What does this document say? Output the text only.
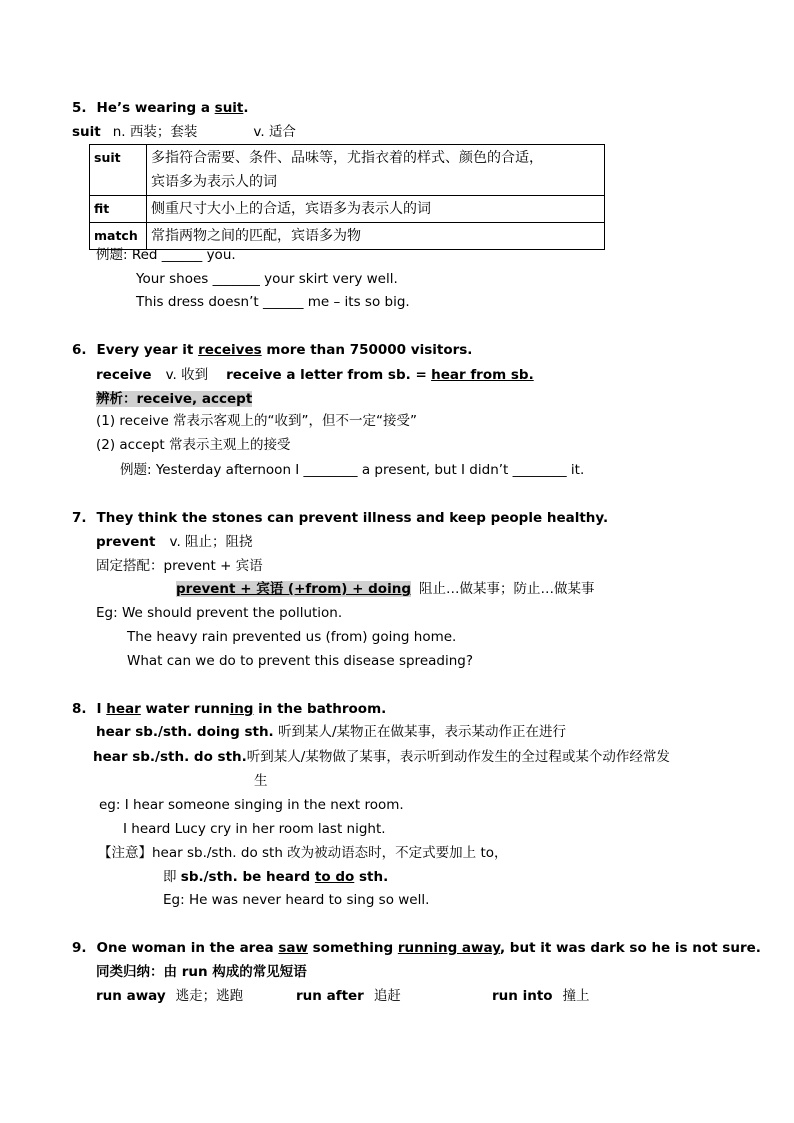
5. He’s wearing a suit.
suit n. 西装；套装	v. 适合
suit	多指符合需要、条件、品味等，尤指衣着的样式、颜色的合适，
宾语多为表示人的词
fit	侧重尺寸大小上的合适，宾语多为表示人的词
match	常指两物之间的匹配，宾语多为物
例题: Red ______ you.
Your shoes _______ your skirt very well.
This dress doesn’t ______ me – its so big.
6. Every year it receives more than 750000 visitors.
receive v. 收到 receive a letter from sb. = hear from sb.
辨析：receive, accept
(1) receive 常表示客观上的“收到”，但不一定“接受”
(2) accept 常表示主观上的接受
例题: Yesterday afternoon I ________ a present, but I didn’t ________ it.
7. They think the stones can prevent illness and keep people healthy.
prevent v. 阻止；阻挠
固定搭配：prevent + 宾语
prevent + 宾语 (+from) + doing 阻止…做某事；防止…做某事
Eg: We should prevent the pollution.
The heavy rain prevented us (from) going home.
What can we do to prevent this disease spreading?
8. I hear water running in the bathroom.
hear sb./sth. doing sth. 听到某人/某物正在做某事，表示某动作正在进行
hear sb./sth. do sth.听到某人/某物做了某事，表示听到动作发生的全过程或某个动作经常发
生
eg: I hear someone singing in the next room.
I heard Lucy cry in her room last night.
【注意】hear sb./sth. do sth 改为被动语态时，不定式要加上 to，
即 sb./sth. be heard to do sth.
Eg: He was never heard to sing so well.
9. One woman in the area saw something running away, but it was dark so he is not sure.
同类归纳：由 run 构成的常见短语
run away 逃走；逃跑	run after 追赶	run into 撞上
